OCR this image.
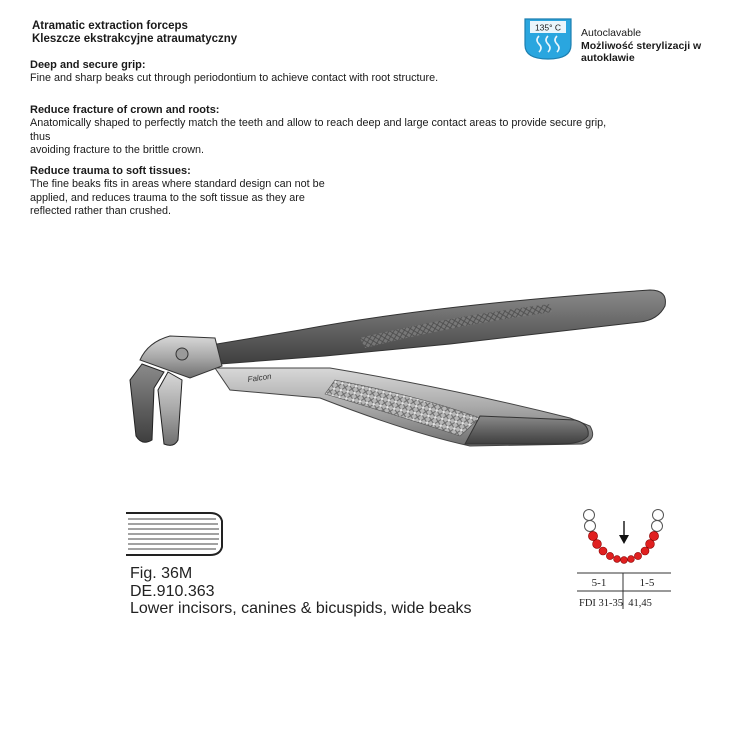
Atramatic extraction forceps
Kleszcze ekstrakcyjne atraumatyczny
135° C Autoclavable
Możliwość sterylizacji w autoklawie
Deep and secure grip:

Fine and sharp beaks cut through periodontium to achieve contact with root structure.

Reduce fracture of crown and roots:

Anatomically shaped to perfectly match the teeth and allow to reach deep and large contact areas to provide secure grip, thus

avoiding fracture to the brittle crown.

Reduce trauma to soft tissues:

The fine beaks fits in areas where standard design can not be

applied, and reduces trauma to the soft tissue as they are

reflected rather than crushed.

Falcon
Fig. 36M
DE.910.363
Lower incisors, canines & bicuspids, wide beaks
5-1	1-5
FDI 31-35  41,45
